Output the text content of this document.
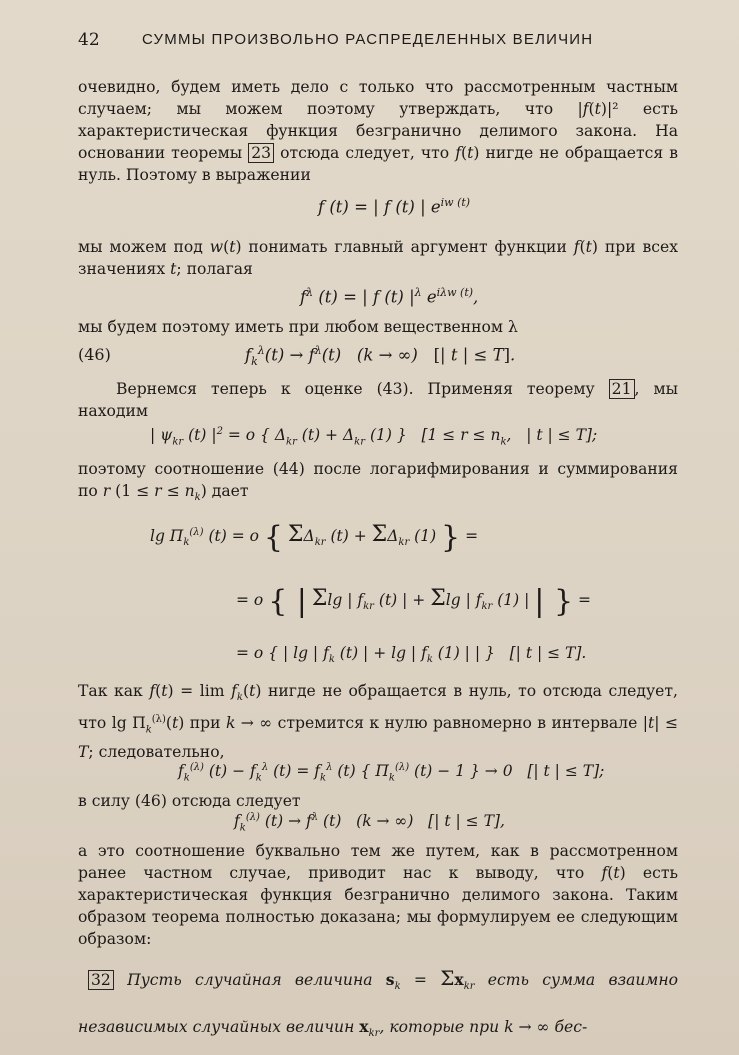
42	СУММЫ ПРОИЗВОЛЬНО РАСПРЕДЕЛЕННЫХ ВЕЛИЧИН
очевидно, будем иметь дело с только что рассмотренным частным случаем; мы можем поэтому утверждать, что |f(t)|² есть характеристическая функция безгранично делимого закона. На основании теоремы 23 отсюда следует, что f(t) нигде не обращается в нуль. Поэтому в выражении
f (t) = | f (t) | $e^{iw (t)}$
мы можем под w(t) понимать главный аргумент функции f(t) при всех значениях t; полагая
$f^\lambda$ (t) = | f (t) $|^\lambda$ $e^{i\lambda w (t)}$,
мы будем поэтому иметь при любом вещественном λ
(46)	$f_k^\lambda(t) \to f^\lambda(t) (k$ → ∞)   [| t | ≤ T].
Вернемся теперь к оценке (43). Применяя теорему 21 , мы находим
| $\psi_{kr}$ (t) $|^2 = o$ { $\Delta_{kr}$ $(t) + \Delta_{kr}$ (1) }   [$1 \le r \le n_k$,   | t | ≤ T];
поэтому соотношение (44) после логарифмирования и суммирования по r $(1 \le r \le n_k)$ дает
$\lg \Pi_k^{(\lambda)}$ (t) = o { $\Sigma\Delta_{kr}$ $(t) + \Sigma\Delta_{kr}$ (1) } =
= o { | Σlg | $f_{kr}$ (t) | + Σlg | $f_{kr}$ (1) | | } =
= o { | lg | $f_k$ (t) | + lg | $f_k$ (1) | | }   [| t | ≤ T].
Так как $f(t) = \lim f_k(t)$ нигде не обращается в нуль, то отсюда следует, что $\lg \Pi_k^{(\lambda)}(t)$ при k → ∞ стремится к нулю равномерно в интервале |t| ≤ T; следовательно,
$f_k^{(\lambda)}$ $(t) - f_k^\lambda$ $(t) = f_k^\lambda$ (t) { $\Pi_k^{(\lambda)}$ (t) − 1 } → 0   [| t | ≤ T];
в силу (46) отсюда следует
$f_k^{(\lambda)}$ $(t) \to f^\lambda$ (t)   (k → ∞)   [| t | ≤ T],
а это соотношение буквально тем же путем, как в рассмотренном ранее частном случае, приводит нас к выводу, что f(t) есть характеристическая функция безгранично делимого закона. Таким образом теорема полностью доказана; мы формулируем ее следующим образом:
32 Пусть случайная величина $s_k = \Sigma x_{kr}$ есть сумма взаимно независимых случайных величин $x_{kr}$, которые при k → ∞ бес-
